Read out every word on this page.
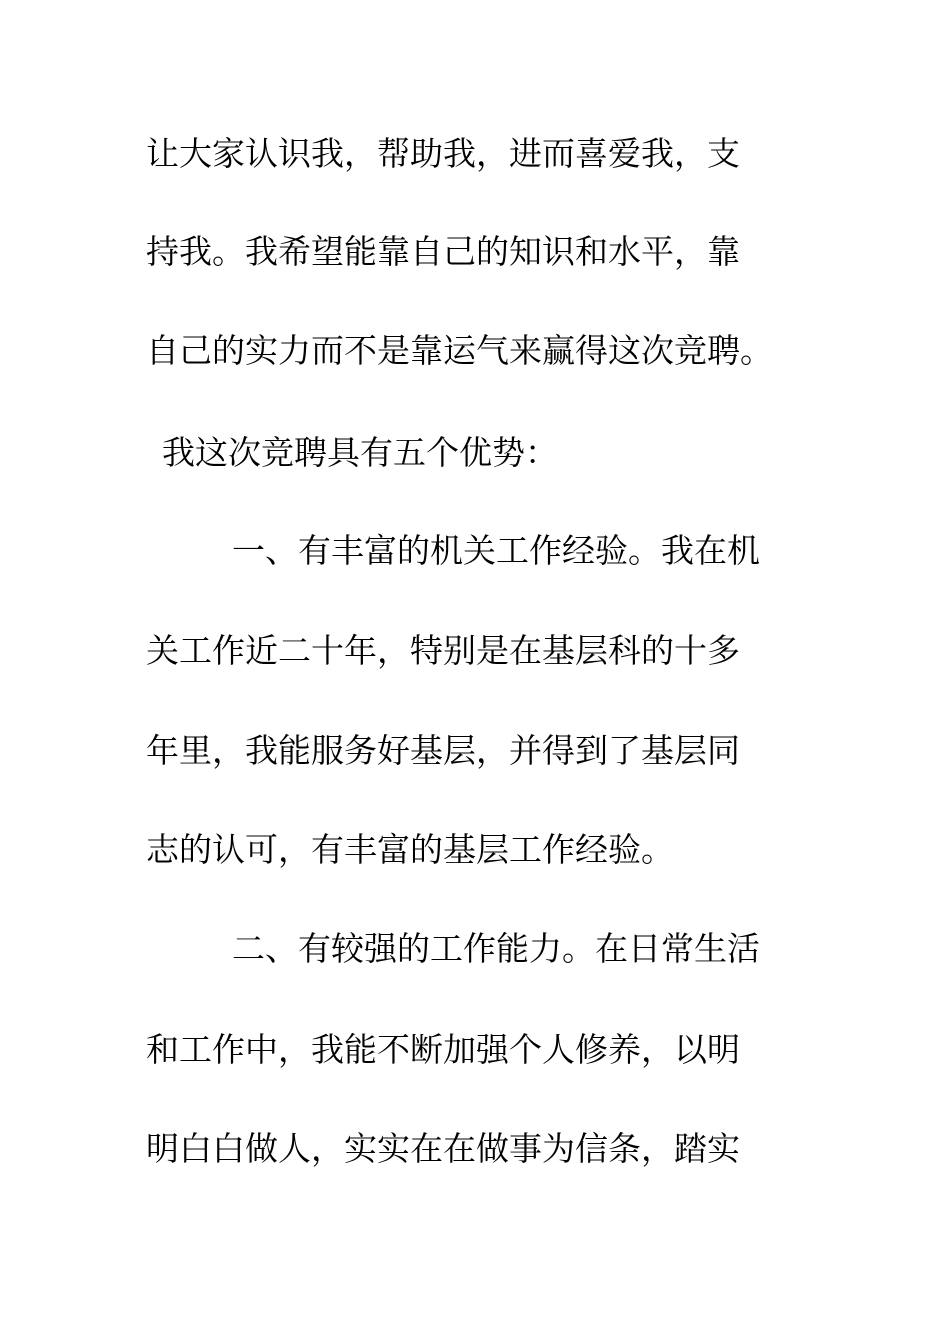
让大家认识我，帮助我，进而喜爱我，支

持我。我希望能靠自己的知识和水平，靠

自己的实力而不是靠运气来赢得这次竞聘。

我这次竞聘具有五个优势：

一、有丰富的机关工作经验。我在机

关工作近二十年，特别是在基层科的十多

年里，我能服务好基层，并得到了基层同

志的认可，有丰富的基层工作经验。

二、有较强的工作能力。在日常生活

和工作中，我能不断加强个人修养，以明

明白白做人，实实在在做事为信条，踏实
